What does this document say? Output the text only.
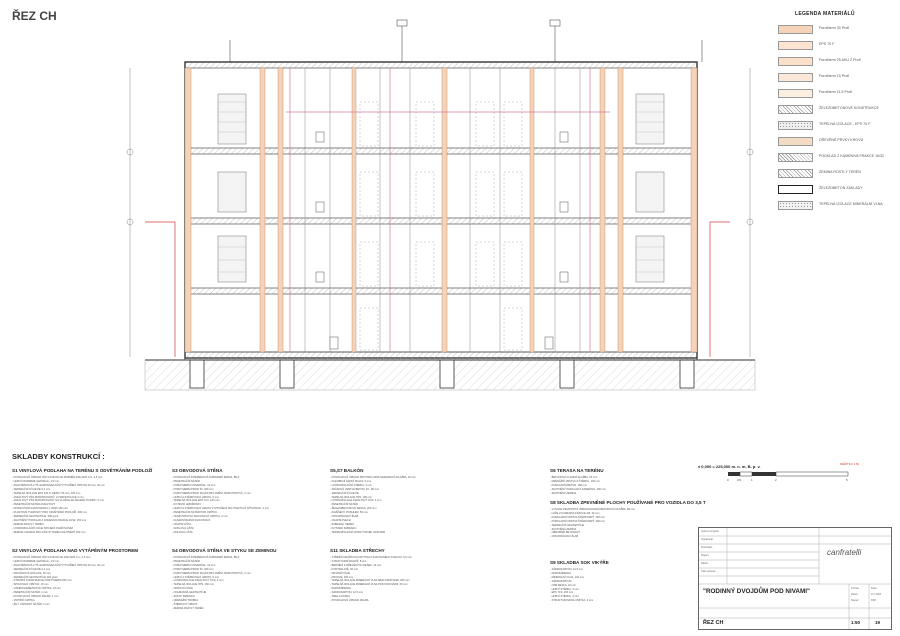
ŘEZ CH	LEGENDA MATERIÁLŮ
Porotherm 30 Profi
EPS 70 F
Porotherm 25 AKU Z Profi
Porotherm 15 Profi
Porotherm 11,5 Profi
ŽELEZOBETONOVÉ KONSTRUKCE
TEPELNÁ IZOLACE - EPS 70 F
DŘEVĚNÉ PRVKY KROVU
PODKLAD Z KAMENIVA FRAKCE 16/32
ZEMINA ROSTLÝ TERÉN
ŽELEZOBETON ZÁKLADY
TEPELNÁ IZOLACE MINERÁLNÍ VLNA
SKLADBY KONSTRUKCÍ :
S1 VINYLOVÁ PODLAHA NA TERÉNU S ODVĚTRÁNÍM PODLOŽÍ
- POVRCHOVÁ ÚPRAVA VINYLOVÉ DÍLCE ROZMĚR 230x1220 mm, 4,5 mm
- LEPICÍ DISPERZE (LEPIDLO), 1,5 mm
- ANHYDRIDOVÁ LITÁ SAMONIVELAČNÍ VYTVÁŘECÍ VRSTVA 40 mm, 40 mm
- SEPARAČNÍ FÓLIE PE 0,2 mm
- TEPELNÁ IZOLACE EPS 100 S, DESKY 50 mm, 100 mm
- ASFALTOVÝ PÁS MODIFIKOVANÝ, HYDROIZOLACE 4 mm
- ASFALTOVÝ PÁS MODIFIKOVANÝ NA VLOŽCE ZE SKLENÉ TKANINY 4 mm
- PENETRAČNÍ NÁTĚR ASFALTOVÝ
- NOSNÁ PODKLADNÍ DESKA C 20/25 150 mm
- PLASTOVÉ TVAROVKY PRO ODVĚTRÁNÍ PODLOŽÍ, 300 mm
- SEPARAČNÍ GEOTEXTÍLIE, 300 g/m2
- ZHUTNĚNÝ PODKLAD Z KAMENIVA FRAKCE 16/32, 150 mm
- ZEMINA RASTLÝ TERÉN
- HYDROIZOLAČNÍ FÓLIE SPOJENÍ SVAŘOVÁNÍM
- ZEMINA VHODNÁ PRO ZÁSYP, TERÉN ZHUTNĚNÝ 200 mm
S2 VINYLOVÁ PODLAHA NAD VYTÁPĚNÝM PROSTOREM
- POVRCHOVÁ ÚPRAVA VINYLOVÉ DÍLCE 230x1220 mm, 4,5 mm
- LEPICÍ DISPERZE (LEPIDLO), 1,5 mm
- ANHYDRIDOVÁ LITÁ SAMONIVELAČNÍ VYTVÁŘECÍ VRSTVA 40 mm, 40 mm
- SEPARAČNÍ FÓLIE PE 0,2 mm
- KROČEJOVÁ IZOLACE, 30 mm
- SEPARAČNÍ GEOTEXTÍLIE 300 g/m2
- STROPNÍ KONSTRUKCE POROTHERM 250 mm
- SPOJOVACÍ VRSTVA, 10 mm
- VÁPENOCEMENTOVÁ OMÍTKA, 15 mm
- PENETRAČNÍ NÁTĚR, 1 mm
- POVRCHOVÁ ÚPRAVA MALBA, 1 mm
- VNITŘNÍ OMÍTKA
- BÍLÝ VÁPENNÝ NÁTĚR, 1 mm
S3 OBVODOVÁ STĚNA
- POVRCHOVÁ INTERIÉROVÁ DISPERZNÍ BARVA, BÍLÁ
- PENETRAČNÍ NÁTĚR
- POROTHERM UNIVERSAL, 10 mm
- POROTHERM PROFI 30, 300 mm
- POROTHERM PROFI MALTA PRO ZDĚNÍ TENKOVRSTVÁ, 2 mm
- LEPICÍ A STĚRKOVACÍ HMOTA, 6 mm
- TEPELNÁ IZOLACE EPS 70 F, 160 mm
- KOTEVNÍ HMOŽDINKY
- LEPICÍ A STĚRKOVACÍ HMOTA VYZTUŽENÁ SKLOTEXTILNÍ SÍŤOVINOU, 4 mm
- PENETRAČNÍ NÁTĚR POD OMÍTKU
- TENKOVRSTVÁ SILIKONOVÁ OMÍTKA, 2 mm
- FASÁDNÍ BARVA SILIKONOVÁ
- OKAPNÍ LIŠTA
- SOKLOVÁ LIŠTA
- ROHOVÁ LIŠTA
S4 OBVODOVÁ STĚNA VE STYKU SE ZEMINOU
- POVRCHOVÁ INTERIÉROVÁ DISPERZNÍ BARVA, BÍLÁ
- PENETRAČNÍ NÁTĚR
- POROTHERM UNIVERSAL, 10 mm
- POROTHERM PROFI 30, 300 mm
- POROTHERM PROFI MALTA PRO ZDĚNÍ TENKOVRSTVÁ, 2 mm
- LEPICÍ A STĚRKOVACÍ HMOTA, 6 mm
- HYDROIZOLACE ASFALTOVÝ PÁS, 4 mm
- TEPELNÁ IZOLACE XPS, 160 mm
- NOPOVÁ FÓLIE
- OCHRANNÁ GEOTEXTÍLIE
- ZÁSYP ZEMINOU
- DRENÁŽNÍ TRUBKA
- ŠTĚRKOVÝ OBSYP
- ZEMINA RASTLÝ TERÉN
S5,S7 BALKÓN
- POVRCHOVÁ ÚPRAVA PROTISKLUZNÁ KERAMICKÁ DLAŽBA, 10 mm
- FLEXIBILNÍ LEPICÍ MALTA, 5 mm
- HYDROIZOLAČNÍ STĚRKA, 2 mm
- SPÁDOVÁ VRSTVA BETON, 40 - 80 mm
- SEPARAČNÍ FÓLIE PE
- TEPELNÁ IZOLACE XPS, 100 mm
- HYDROIZOLACE ASFALTOVÝ PÁS, 4 mm
- PENETRAČNÍ NÁTĚR
- ŽELEZOBETONOVÁ DESKA, 200 mm
- ZAVĚŠENÝ PODHLED, 50 mm
- ODVODŇOVACÍ ŽLAB
- OKAPNÍ PLECH
- ZÁBRADLÍ NEREZ
- KOTVENÍ ZÁBRADLÍ
- TERMOIZOLAČNÍ NOSNÝ PRVEK ISOKORB
S11 SKLADBA STŘECHY
- STŘEŠNÍ DRÁŽKOVÁ KRYTINA Z ZAKOVANÉHO PLECHU, 0,6 mm
- STRUKTURNÍ ROHOŽ, 8 mm
- BEDNĚNÍ Z DŘEVĚNÝCH DESEK, 24 mm
- KONTRALATĚ, 60 mm
- DIFÚZNÍ FÓLIE
- KROKVE, 200 mm
- TEPELNÁ IZOLACE MINERÁLNÍ VLNA MEZI KROKVEMI, 200 mm
- TEPELNÁ IZOLACE MINERÁLNÍ VLNA POD KROKVEMI, 60 mm
- PAROZÁBRANA
- SÁDROKARTON, 12,5 mm
- TMEL A PÁSKA
- POVRCHOVÁ ÚPRAVA MALBA
S6 TERASA NA TERÉNU
- BETONOVÁ KLADNÁ DLAŽBA, 60 mm
- DRENÁŽNÍ VRSTVA Z ŠTĚRKU, 100 mm
- PODKLADNÍ BETON, 150 mm
- ZHUTNĚNÝ PODKLAD Z KAMENIVA, 150 mm
- ZHUTNĚNÁ ZEMINA
S8 SKLADBA ZPEVNĚNÉ PLOCHY POUŽÍVANÉ PRO VOZIDLA DO 3,5 T
- VYSOCE PEVNOSTNÍ VIBROLISOVANÁ BETONOVÁ DLAŽBA, 80 mm
- LOŽE Z KAMENIVA FRAKCE 4/8, 40 mm
- PODKLADNÍ VRSTVA ŠTĚRKODRŤ, 150 mm
- PODKLADNÍ VRSTVA ŠTĚRKODRŤ, 200 mm
- SEPARAČNÍ GEOTEXTÍLIE
- ZHUTNĚNÁ ZEMINA
- OBRUBNÍK BETONOVÝ
- ODVODŇOVACÍ ŽLAB
S9 SKLADBA SOK VIKÝŘE
- SÁDROKARTON, 12,5 mm
- PAROZÁBRANA
- MINERÁLNÍ VLNA, 120 mm
- SÁDROKARTON
- OSB DESKA, 22 mm
- LEPICÍ STĚRKA, 4 mm
- EPS 70 F, 100 mm
- LEPICÍ STĚRKA, 4 mm
- STRUKTUROVANÁ OMÍTKA, 2 mm
± 0,000 = 225,000 m. n. m. B. p. v.
0	0,5	1	2	5
MĚŘÍTKO 1:50
Vedoucí projektu
Vypracoval
Konzultant
Stupeň
Datum
Číslo výkresu
canfratelli
Formát	5xA4
Datum	12 / 2023
Stupeň	DSP
"RODINNÝ DVOJDŮM POD NIVAMI"
ŘEZ CH	1:50	19
